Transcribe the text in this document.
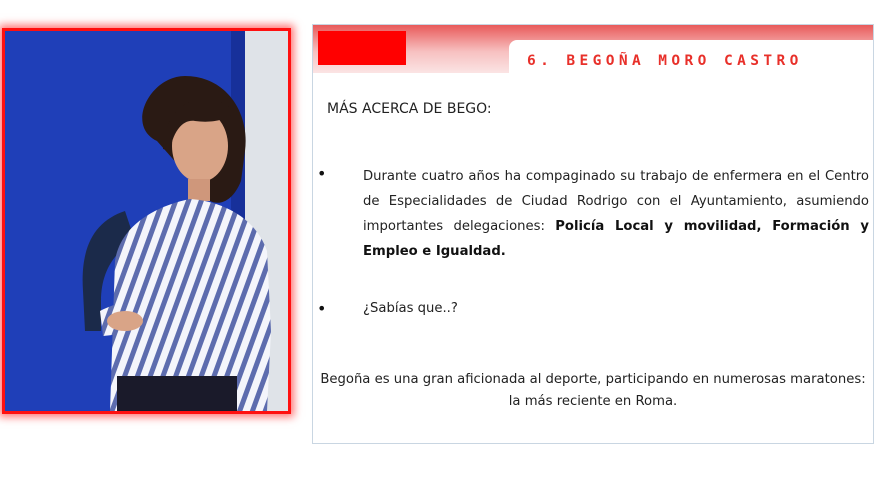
6. BEGOÑA MORO CASTRO
MÁS ACERCA DE BEGO:
•	Durante cuatro años ha compaginado su trabajo de enfermera en el Centro de Especialidades de Ciudad Rodrigo con el Ayuntamiento, asumiendo importantes delegaciones: Policía Local y movilidad, Formación y Empleo e Igualdad.
•	¿Sabías que..?
Begoña es una gran aficionada al deporte, participando en numerosas maratones: la más reciente en Roma.
